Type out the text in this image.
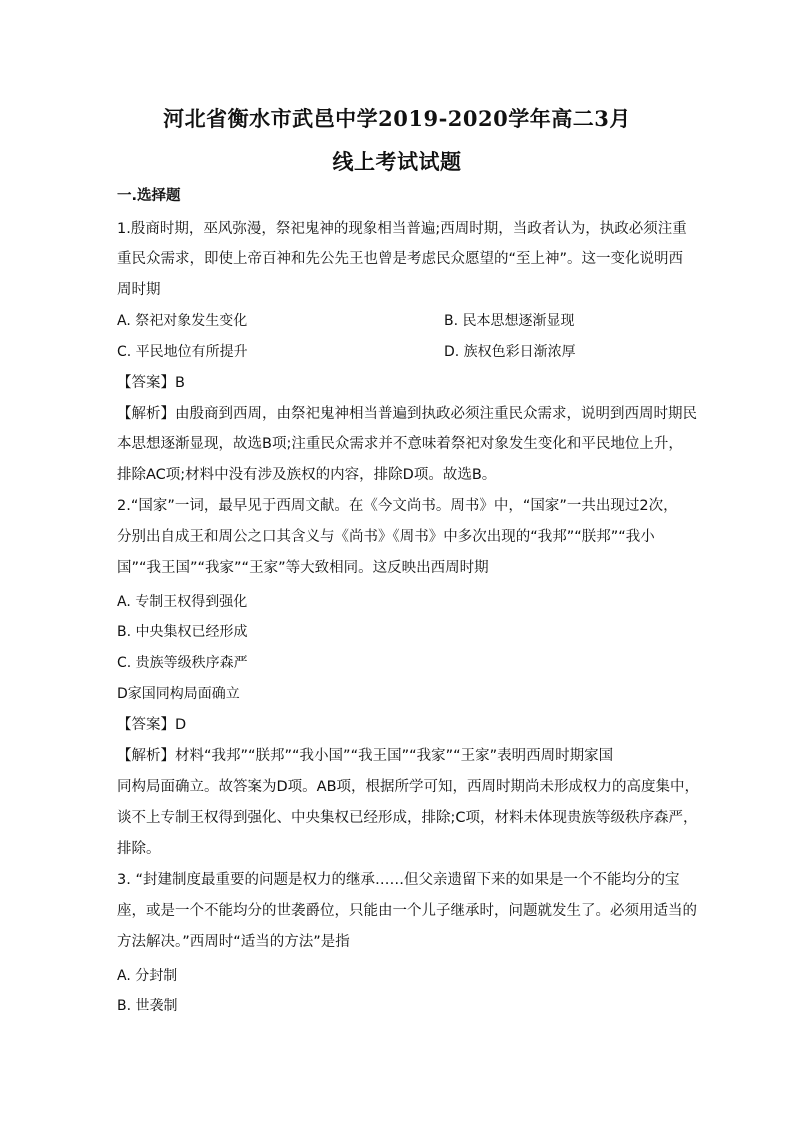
河北省衡水市武邑中学2019-2020学年高二3月
线上考试试题
一.选择题
1.殷商时期，巫风弥漫，祭祀鬼神的现象相当普遍;西周时期，当政者认为，执政必须注重
重民众需求，即使上帝百神和先公先王也曾是考虑民众愿望的“至上神”。这一变化说明西
周时期
A. 祭祀对象发生变化	B. 民本思想逐渐显现
C. 平民地位有所提升	D. 族权色彩日渐浓厚
【答案】B
【解析】由殷商到西周，由祭祀鬼神相当普遍到执政必须注重民众需求，说明到西周时期民
本思想逐渐显现，故选B项;注重民众需求并不意味着祭祀对象发生变化和平民地位上升，
排除AC项;材料中没有涉及族权的内容，排除D项。故选B。
2.“国家”一词，最早见于西周文献。在《今文尚书。周书》中，“国家”一共出现过2次，
分别出自成王和周公之口其含义与《尚书》《周书》中多次出现的“我邦”“朕邦”“我小
国”“我王国”“我家”“王家”等大致相同。这反映出西周时期
A. 专制王权得到强化
B. 中央集权已经形成
C. 贵族等级秩序森严
D家国同构局面确立
【答案】D
【解析】材料“我邦”“朕邦”“我小国”“我王国”“我家”“王家”表明西周时期家国
同构局面确立。故答案为D项。AB项，根据所学可知，西周时期尚未形成权力的高度集中，
谈不上专制王权得到强化、中央集权已经形成，排除;C项，材料未体现贵族等级秩序森严，
排除。
3. “封建制度最重要的问题是权力的继承……但父亲遗留下来的如果是一个不能均分的宝
座，或是一个不能均分的世袭爵位，只能由一个儿子继承时，问题就发生了。必须用适当的
方法解决。”西周时“适当的方法”是指
A. 分封制
B. 世袭制
